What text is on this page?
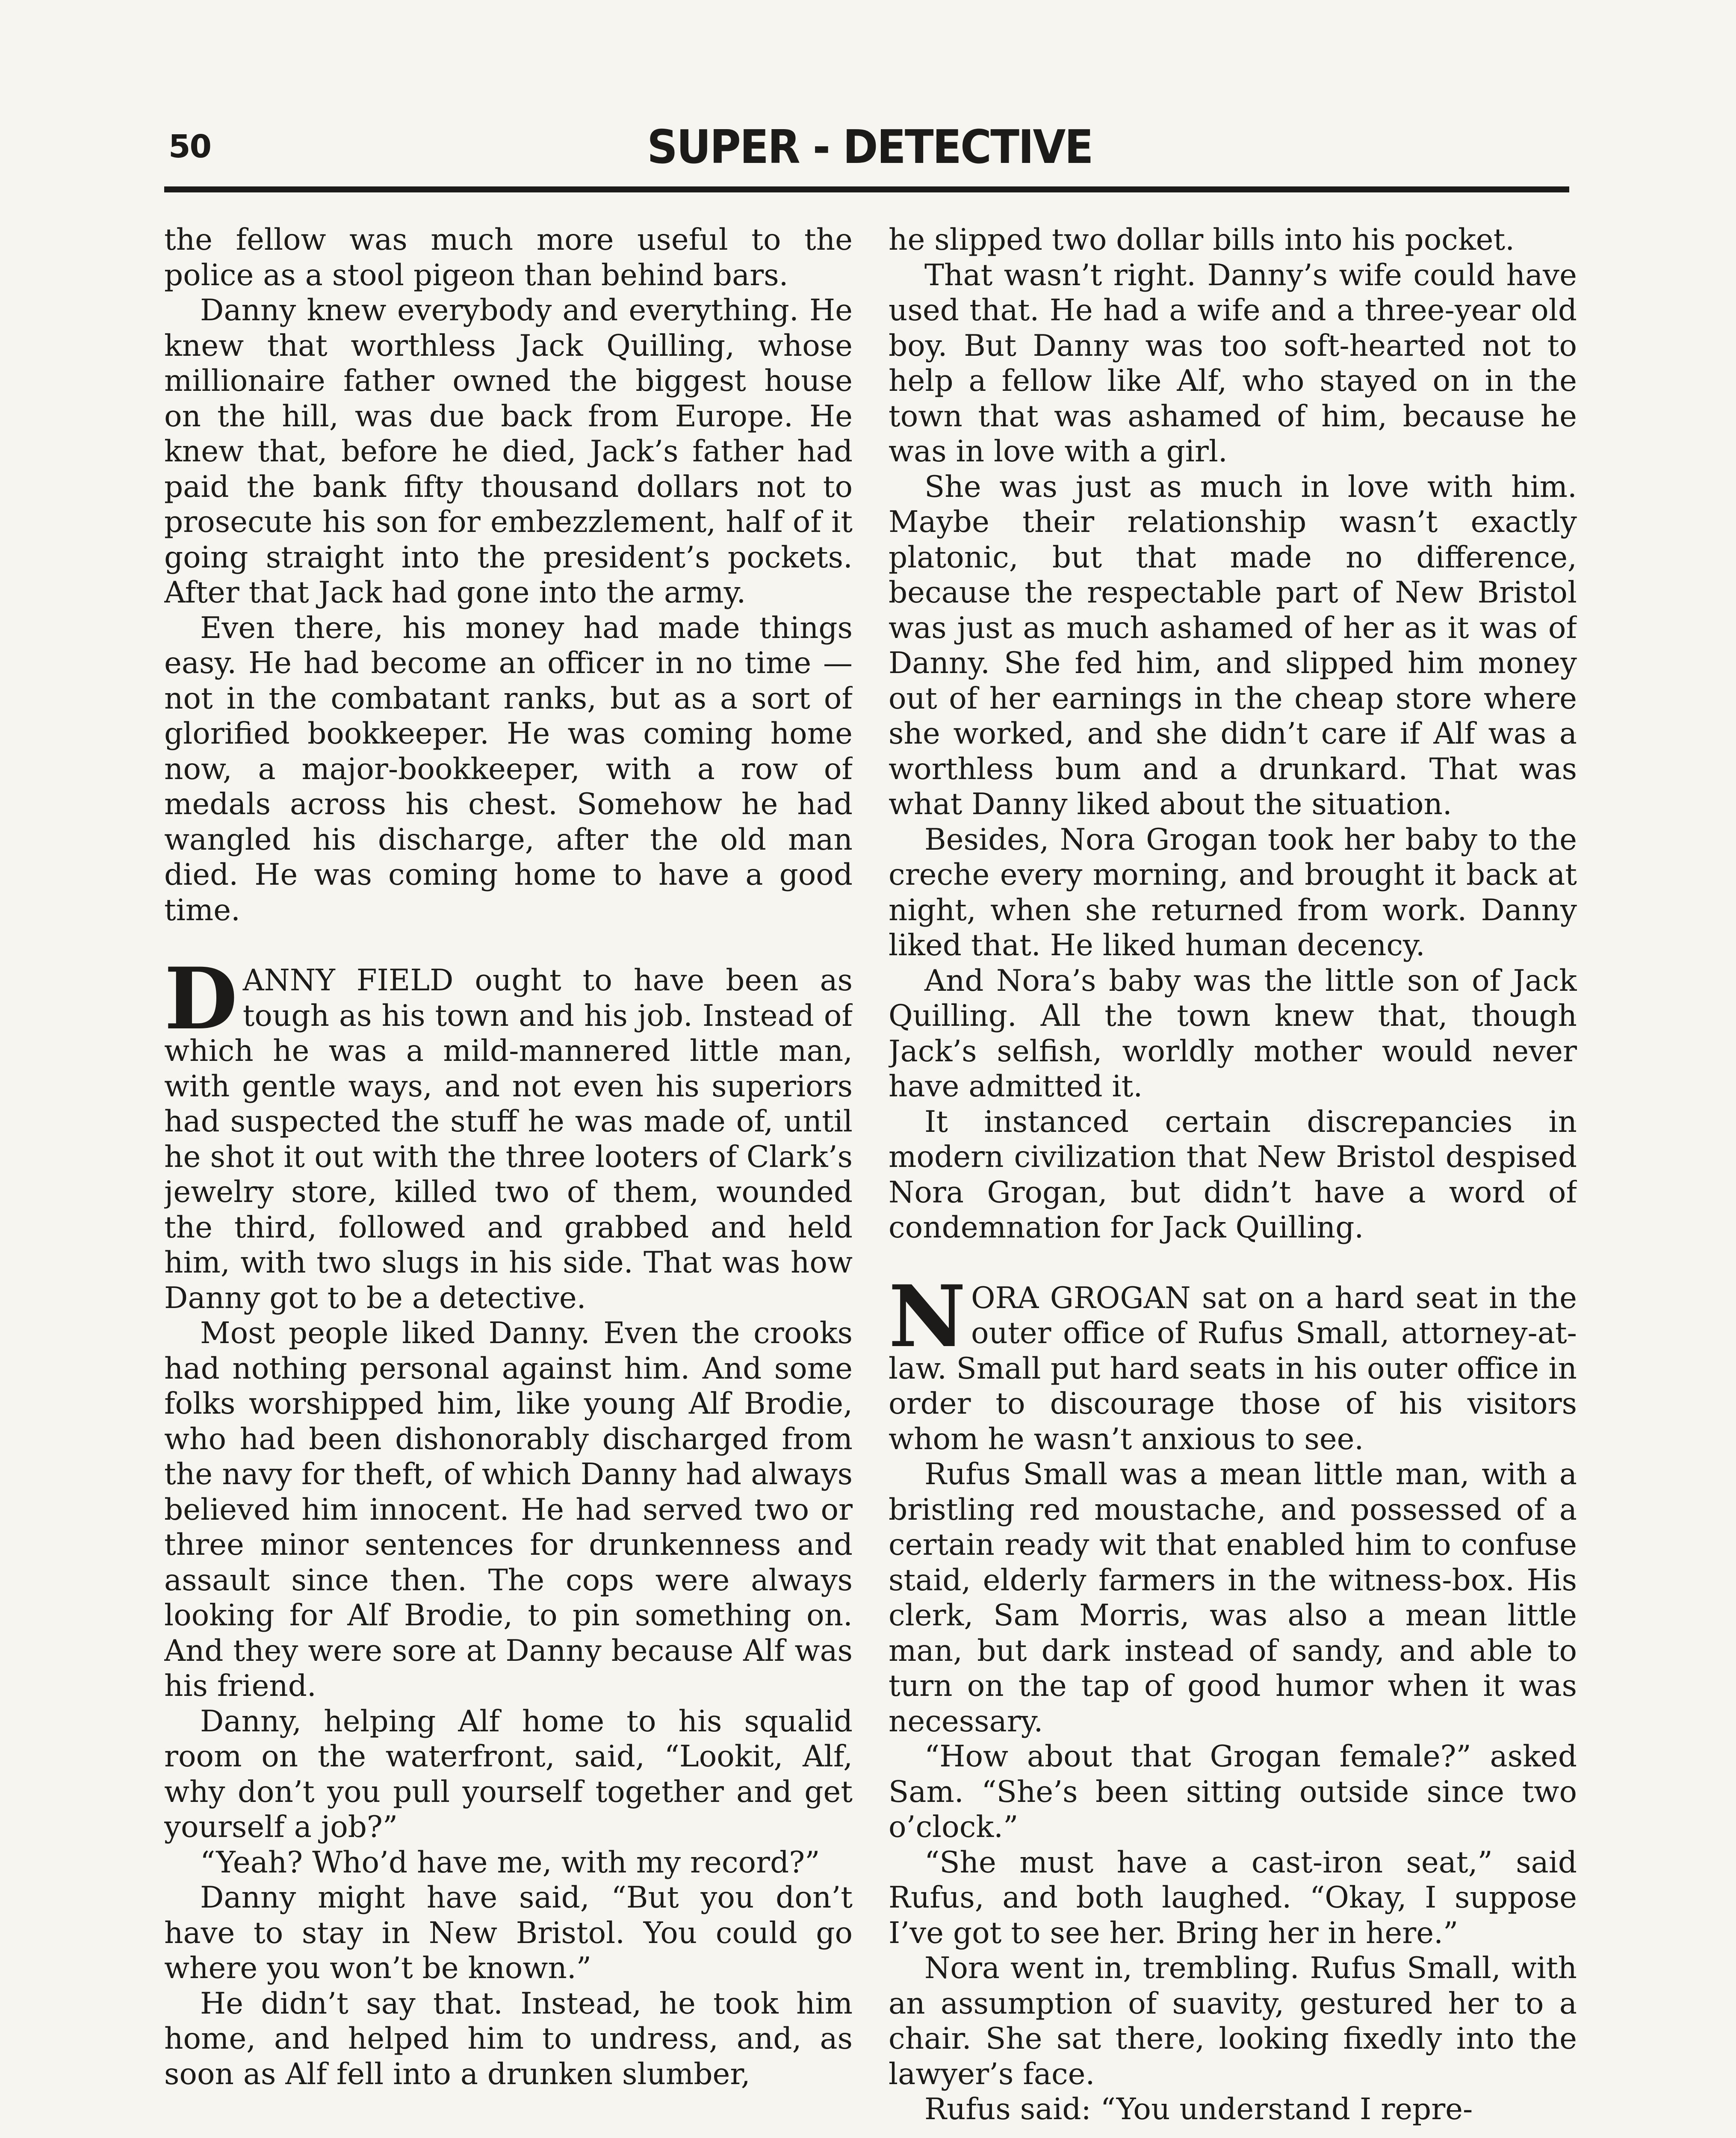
50	SUPER - DETECTIVE

the fellow was much more useful to the police as a stool pigeon than behind bars.

Danny knew everybody and everything. He knew that worthless Jack Quilling, whose millionaire father owned the biggest house on the hill, was due back from Europe. He knew that, before he died, Jack’s father had paid the bank fifty thousand dollars not to prosecute his son for embezzlement, half of it going straight into the president’s pockets. After that Jack had gone into the army.

Even there, his money had made things easy. He had become an officer in no time —not in the combatant ranks, but as a sort of glorified bookkeeper. He was coming home now, a major-bookkeeper, with a row of medals across his chest. Somehow he had wangled his discharge, after the old man died. He was coming home to have a good time.

DANNY FIELD ought to have been as tough as his town and his job. Instead of which he was a mild-mannered little man, with gentle ways, and not even his superiors had suspected the stuff he was made of, until he shot it out with the three looters of Clark’s jewelry store, killed two of them, wounded the third, followed and grabbed and held him, with two slugs in his side. That was how Danny got to be a detective.

Most people liked Danny. Even the crooks had nothing personal against him. And some folks worshipped him, like young Alf Brodie, who had been dishonorably discharged from the navy for theft, of which Danny had always believed him innocent. He had served two or three minor sentences for drunkenness and assault since then. The cops were always looking for Alf Brodie, to pin something on. And they were sore at Danny because Alf was his friend.

Danny, helping Alf home to his squalid room on the waterfront, said, “Lookit, Alf, why don’t you pull yourself together and get yourself a job?”

“Yeah? Who’d have me, with my record?”

Danny might have said, “But you don’t have to stay in New Bristol. You could go where you won’t be known.”

He didn’t say that. Instead, he took him home, and helped him to undress, and, as soon as Alf fell into a drunken slumber,

he slipped two dollar bills into his pocket.

That wasn’t right. Danny’s wife could have used that. He had a wife and a three-year old boy. But Danny was too soft-hearted not to help a fellow like Alf, who stayed on in the town that was ashamed of him, because he was in love with a girl.

She was just as much in love with him. Maybe their relationship wasn’t exactly platonic, but that made no difference, because the respectable part of New Bristol was just as much ashamed of her as it was of Danny. She fed him, and slipped him money out of her earnings in the cheap store where she worked, and she didn’t care if Alf was a worthless bum and a drunkard. That was what Danny liked about the situation.

Besides, Nora Grogan took her baby to the creche every morning, and brought it back at night, when she returned from work. Danny liked that. He liked human decency.

And Nora’s baby was the little son of Jack Quilling. All the town knew that, though Jack’s selfish, worldly mother would never have admitted it.

It instanced certain discrepancies in modern civilization that New Bristol despised Nora Grogan, but didn’t have a word of condemnation for Jack Quilling.

NORA GROGAN sat on a hard seat in the outer office of Rufus Small, attorney-at-law. Small put hard seats in his outer office in order to discourage those of his visitors whom he wasn’t anxious to see.

Rufus Small was a mean little man, with a bristling red moustache, and possessed of a certain ready wit that enabled him to confuse staid, elderly farmers in the witness-box. His clerk, Sam Morris, was also a mean little man, but dark instead of sandy, and able to turn on the tap of good humor when it was necessary.

“How about that Grogan female?” asked Sam. “She’s been sitting outside since two o’clock.”

“She must have a cast-iron seat,” said Rufus, and both laughed. “Okay, I suppose I’ve got to see her. Bring her in here.”

Nora went in, trembling. Rufus Small, with an assumption of suavity, gestured her to a chair. She sat there, looking fixedly into the lawyer’s face.

Rufus said: “You understand I repre-
